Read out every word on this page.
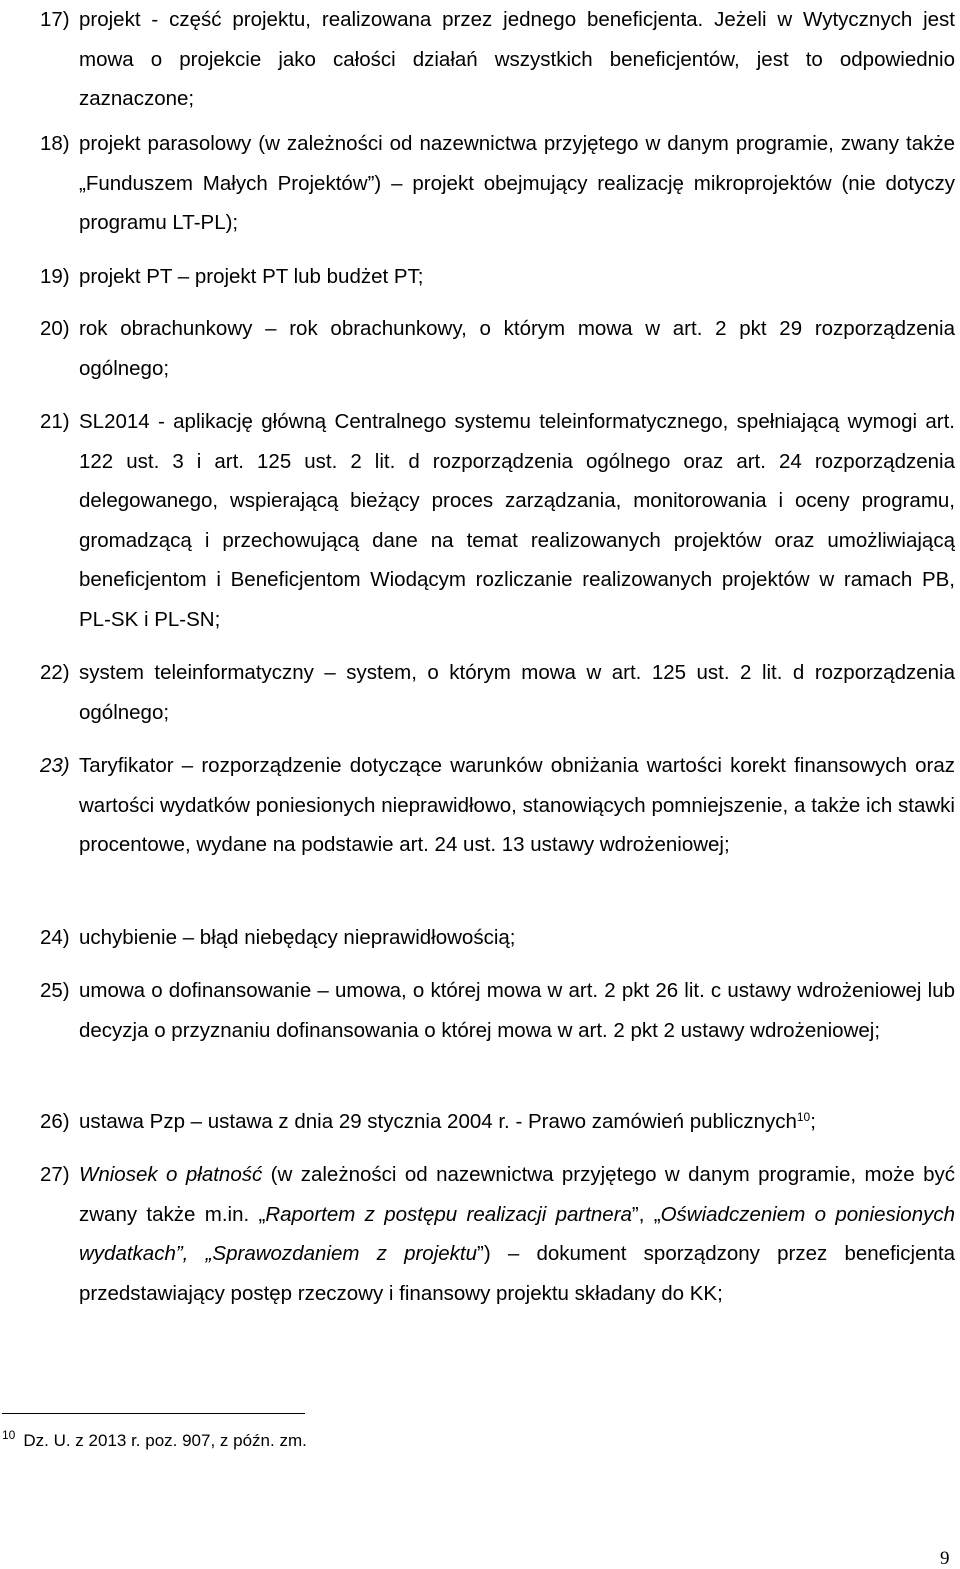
17) projekt - część projektu, realizowana przez jednego beneficjenta. Jeżeli w Wytycznych jest mowa o projekcie jako całości działań wszystkich beneficjentów, jest to odpowiednio zaznaczone;
18) projekt parasolowy (w zależności od nazewnictwa przyjętego w danym programie, zwany także „Funduszem Małych Projektów”) – projekt obejmujący realizację mikroprojektów (nie dotyczy programu LT-PL);
19) projekt PT – projekt PT lub budżet PT;
20) rok obrachunkowy – rok obrachunkowy, o którym mowa w art. 2 pkt 29 rozporządzenia ogólnego;
21) SL2014 - aplikację główną Centralnego systemu teleinformatycznego, spełniającą wymogi art. 122 ust. 3 i art. 125 ust. 2 lit. d rozporządzenia ogólnego oraz art. 24 rozporządzenia delegowanego, wspierającą bieżący proces zarządzania, monitorowania i oceny programu, gromadzącą i przechowującą dane na temat realizowanych projektów oraz umożliwiającą beneficjentom i Beneficjentom Wiodącym rozliczanie realizowanych projektów w ramach PB, PL-SK i PL-SN;
22) system teleinformatyczny – system, o którym mowa w art. 125 ust. 2 lit. d rozporządzenia ogólnego;
23) Taryfikator – rozporządzenie dotyczące warunków obniżania wartości korekt finansowych oraz wartości wydatków poniesionych nieprawidłowo, stanowiących pomniejszenie, a także ich stawki procentowe, wydane na podstawie art. 24 ust. 13 ustawy wdrożeniowej;
24) uchybienie – błąd niebędący nieprawidłowością;
25) umowa o dofinansowanie – umowa, o której mowa w art. 2 pkt 26 lit. c ustawy wdrożeniowej lub decyzja o przyznaniu dofinansowania o której mowa w art. 2 pkt 2 ustawy wdrożeniowej;
26) ustawa Pzp – ustawa z dnia 29 stycznia 2004 r. - Prawo zamówień publicznych$^{10}$;
27) Wniosek o płatność (w zależności od nazewnictwa przyjętego w danym programie, może być zwany także m.in. „Raportem z postępu realizacji partnera”, „Oświadczeniem o poniesionych wydatkach”, „Sprawozdaniem z projektu”) – dokument sporządzony przez beneficjenta przedstawiający postęp rzeczowy i finansowy projektu składany do KK;
$^{10}$ Dz. U. z 2013 r. poz. 907, z późn. zm.
9
